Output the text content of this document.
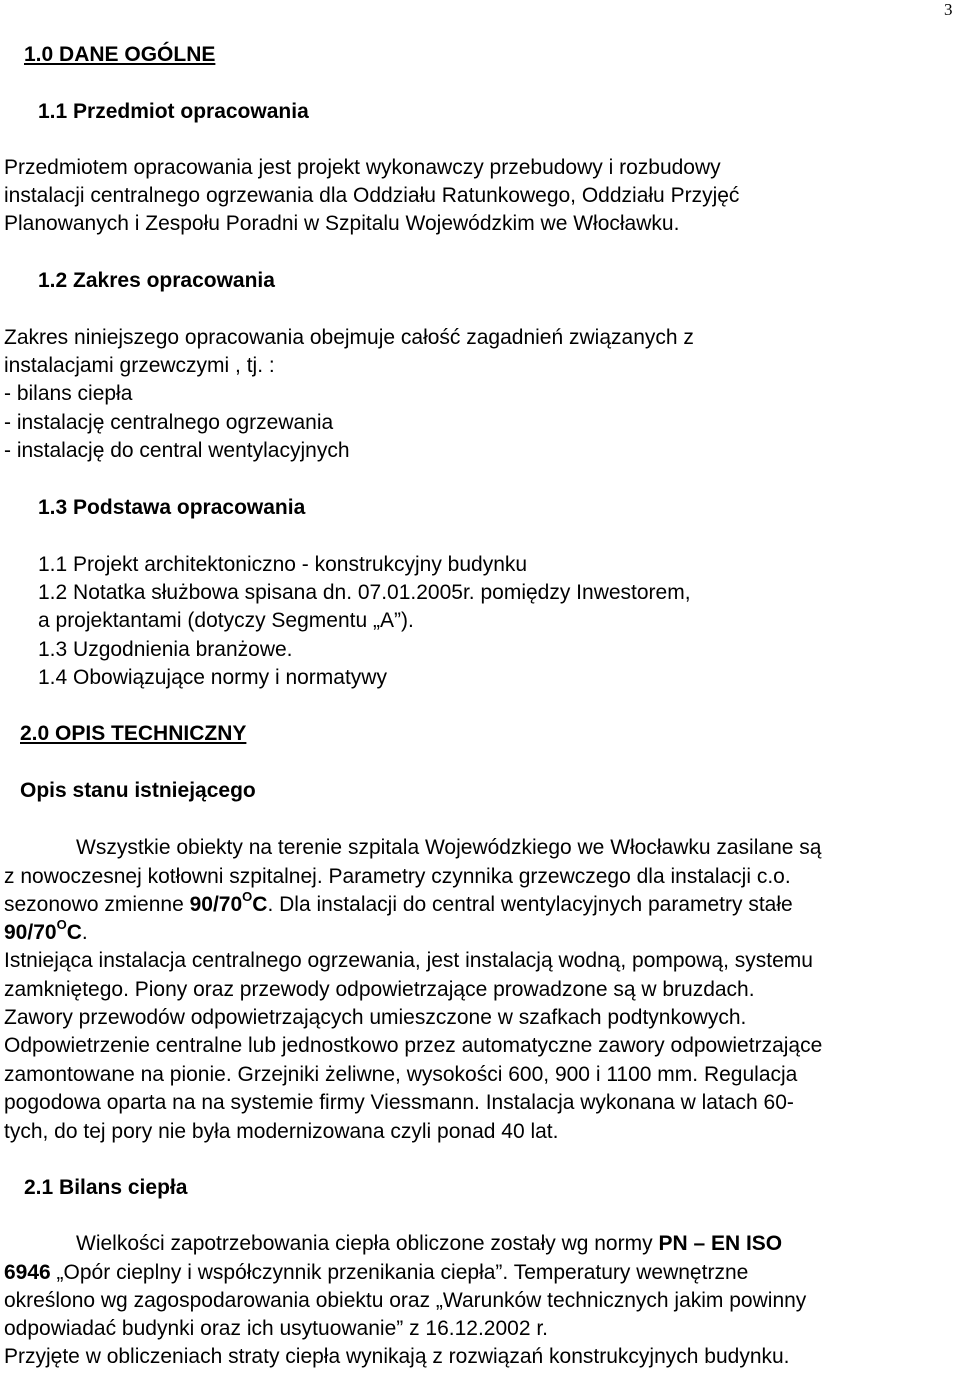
3
1.0 DANE OGÓLNE
1.1 Przedmiot opracowania
Przedmiotem opracowania jest projekt wykonawczy przebudowy i rozbudowy
instalacji centralnego ogrzewania dla Oddziału Ratunkowego, Oddziału Przyjęć
Planowanych i Zespołu Poradni w Szpitalu Wojewódzkim we Włocławku.
1.2 Zakres opracowania
Zakres niniejszego opracowania obejmuje całość zagadnień związanych z
instalacjami grzewczymi , tj. :
- bilans ciepła
- instalację centralnego ogrzewania
- instalację do central wentylacyjnych
1.3 Podstawa opracowania
1.1 Projekt architektoniczno - konstrukcyjny budynku
1.2 Notatka służbowa spisana dn. 07.01.2005r. pomiędzy Inwestorem,
a projektantami (dotyczy Segmentu „A”).
1.3 Uzgodnienia branżowe.
1.4 Obowiązujące normy i normatywy
2.0 OPIS TECHNICZNY
Opis stanu istniejącego
Wszystkie obiekty na terenie szpitala Wojewódzkiego we Włocławku zasilane są
z nowoczesnej kotłowni szpitalnej. Parametry czynnika grzewczego dla instalacji c.o.
sezonowo zmienne $90/70^OC$. Dla instalacji do central wentylacyjnych parametry stałe
$90/70^OC$.
Istniejąca instalacja centralnego ogrzewania, jest instalacją wodną, pompową, systemu
zamkniętego. Piony oraz przewody odpowietrzające prowadzone są w bruzdach.
Zawory przewodów odpowietrzających umieszczone w szafkach podtynkowych.
Odpowietrzenie centralne lub jednostkowo przez automatyczne zawory odpowietrzające
zamontowane na pionie. Grzejniki żeliwne, wysokości 600, 900 i 1100 mm. Regulacja
pogodowa oparta na na systemie firmy Viessmann. Instalacja wykonana w latach 60-
tych, do tej pory nie była modernizowana czyli ponad 40 lat.
2.1 Bilans ciepła
Wielkości zapotrzebowania ciepła obliczone zostały wg normy PN – EN ISO
6946 „Opór cieplny i współczynnik przenikania ciepła”. Temperatury wewnętrzne
określono wg zagospodarowania obiektu oraz „Warunków technicznych jakim powinny
odpowiadać budynki oraz ich usytuowanie” z 16.12.2002 r.
Przyjęte w obliczeniach straty ciepła wynikają z rozwiązań konstrukcyjnych budynku.
